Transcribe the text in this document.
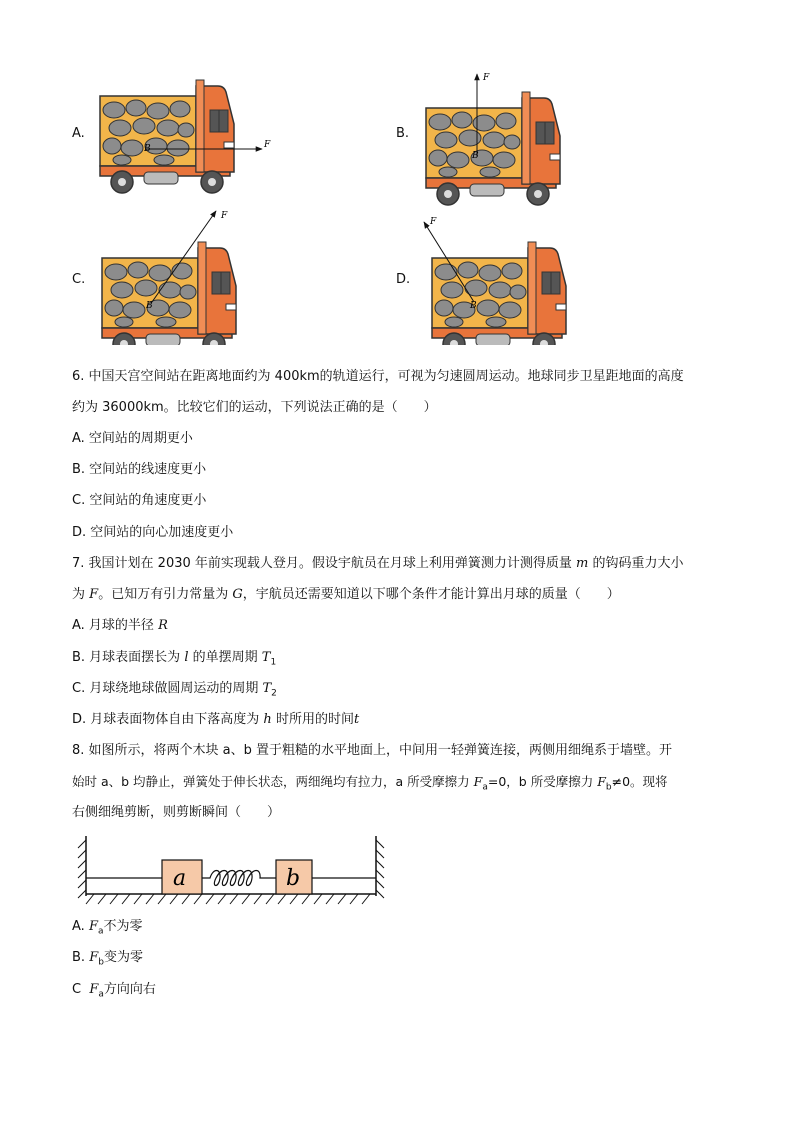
B	F
B
F
B
F
B
F
A.	B.
C.	D.
6. 中国天宫空间站在距离地面约为 400km的轨道运行，可视为匀速圆周运动。地球同步卫星距地面的高度
约为 36000km。比较它们的运动，下列说法正确的是（　　）
A. 空间站的周期更小
B. 空间站的线速度更小
C. 空间站的角速度更小
D. 空间站的向心加速度更小
7. 我国计划在 2030 年前实现载人登月。假设宇航员在月球上利用弹簧测力计测得质量 m 的钩码重力大小
为 F。已知万有引力常量为 G，宇航员还需要知道以下哪个条件才能计算出月球的质量（　　）
A. 月球的半径 R
B. 月球表面摆长为 l 的单摆周期 $T_1$
C. 月球绕地球做圆周运动的周期 $T_2$
D. 月球表面物体自由下落高度为 h 时所用的时间t
8. 如图所示，将两个木块 a、b 置于粗糙的水平地面上，中间用一轻弹簧连接，两侧用细绳系于墙壁。开
始时 a、b 均静止，弹簧处于伸长状态，两细绳均有拉力，a 所受摩擦力 $F_a=0$，b 所受摩擦力 $F_b\ne 0$。现将
右侧细绳剪断，则剪断瞬间（　　）
a	b
A. $F_a$不为零
B. $F_b$变为零
C $F_a$方向向右
